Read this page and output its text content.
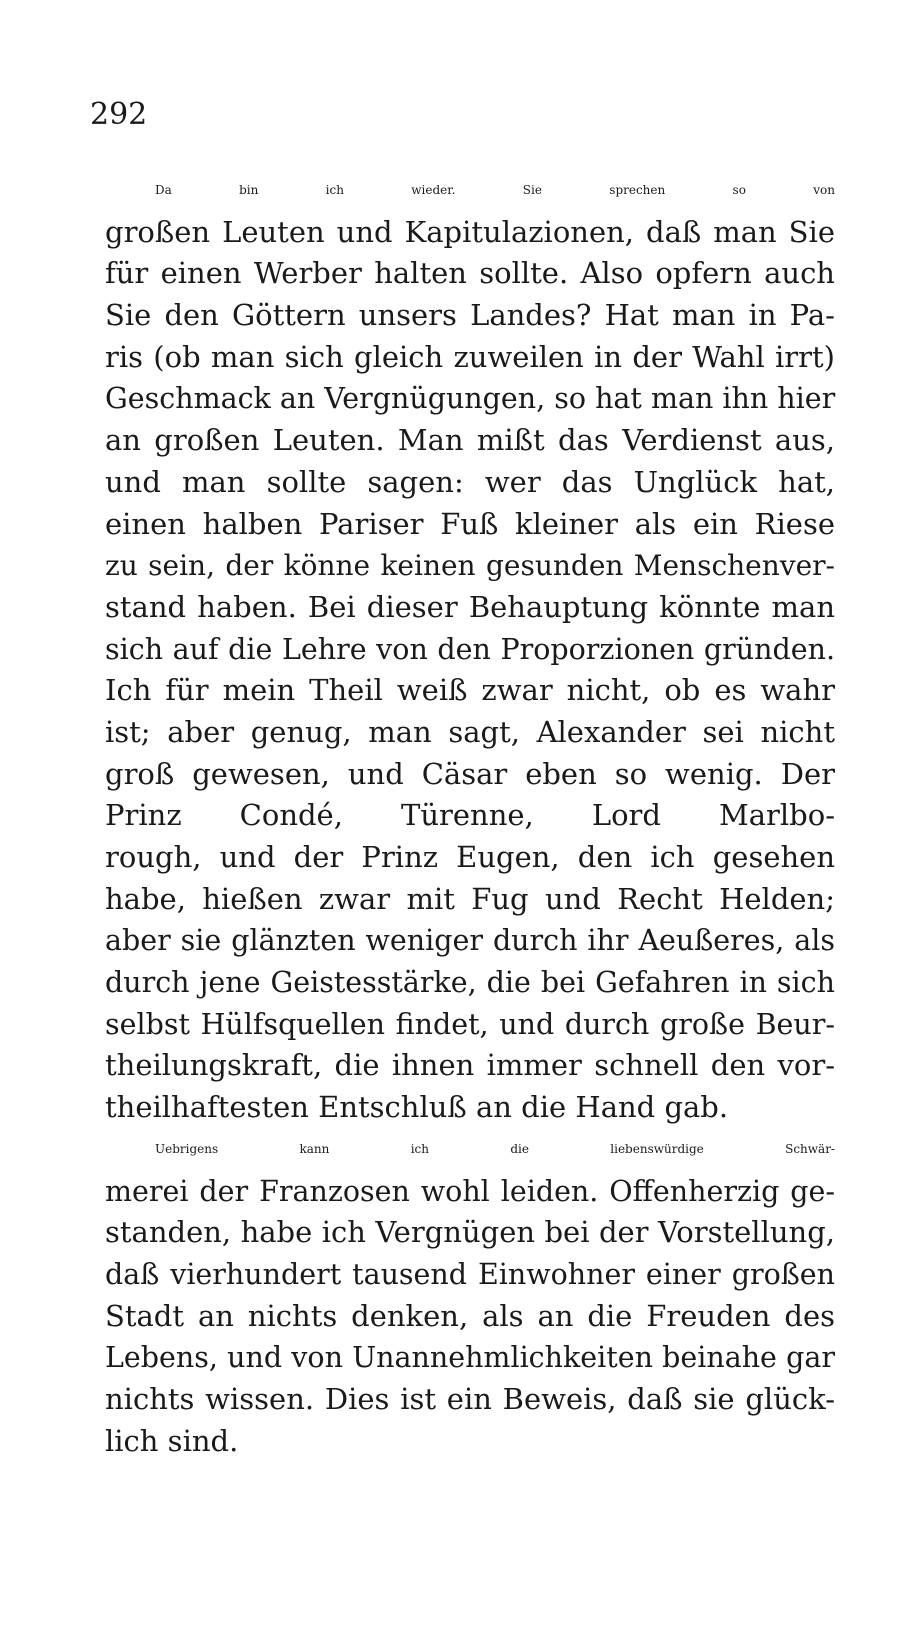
292
Da bin ich wieder. Sie sprechen so von
großen Leuten und Kapitulazionen, daß man Sie
für einen Werber halten sollte. Also opfern auch
Sie den Göttern unsers Landes? Hat man in Pa-
ris (ob man sich gleich zuweilen in der Wahl irrt)
Geschmack an Vergnügungen, so hat man ihn hier
an großen Leuten. Man mißt das Verdienst aus,
und man sollte sagen: wer das Unglück hat,
einen halben Pariser Fuß kleiner als ein Riese
zu sein, der könne keinen gesunden Menschenver-
stand haben. Bei dieser Behauptung könnte man
sich auf die Lehre von den Proporzionen gründen.
Ich für mein Theil weiß zwar nicht, ob es wahr
ist; aber genug, man sagt, Alexander sei nicht
groß gewesen, und Cäsar eben so wenig. Der
Prinz Condé, Türenne, Lord Marlbo-
rough, und der Prinz Eugen, den ich gesehen
habe, hießen zwar mit Fug und Recht Helden;
aber sie glänzten weniger durch ihr Aeußeres, als
durch jene Geistesstärke, die bei Gefahren in sich
selbst Hülfsquellen findet, und durch große Beur-
theilungskraft, die ihnen immer schnell den vor-
theilhaftesten Entschluß an die Hand gab.
Uebrigens kann ich die liebenswürdige Schwär-
merei der Franzosen wohl leiden. Offenherzig ge-
standen, habe ich Vergnügen bei der Vorstellung,
daß vierhundert tausend Einwohner einer großen
Stadt an nichts denken, als an die Freuden des
Lebens, und von Unannehmlichkeiten beinahe gar
nichts wissen. Dies ist ein Beweis, daß sie glück-
lich sind.
